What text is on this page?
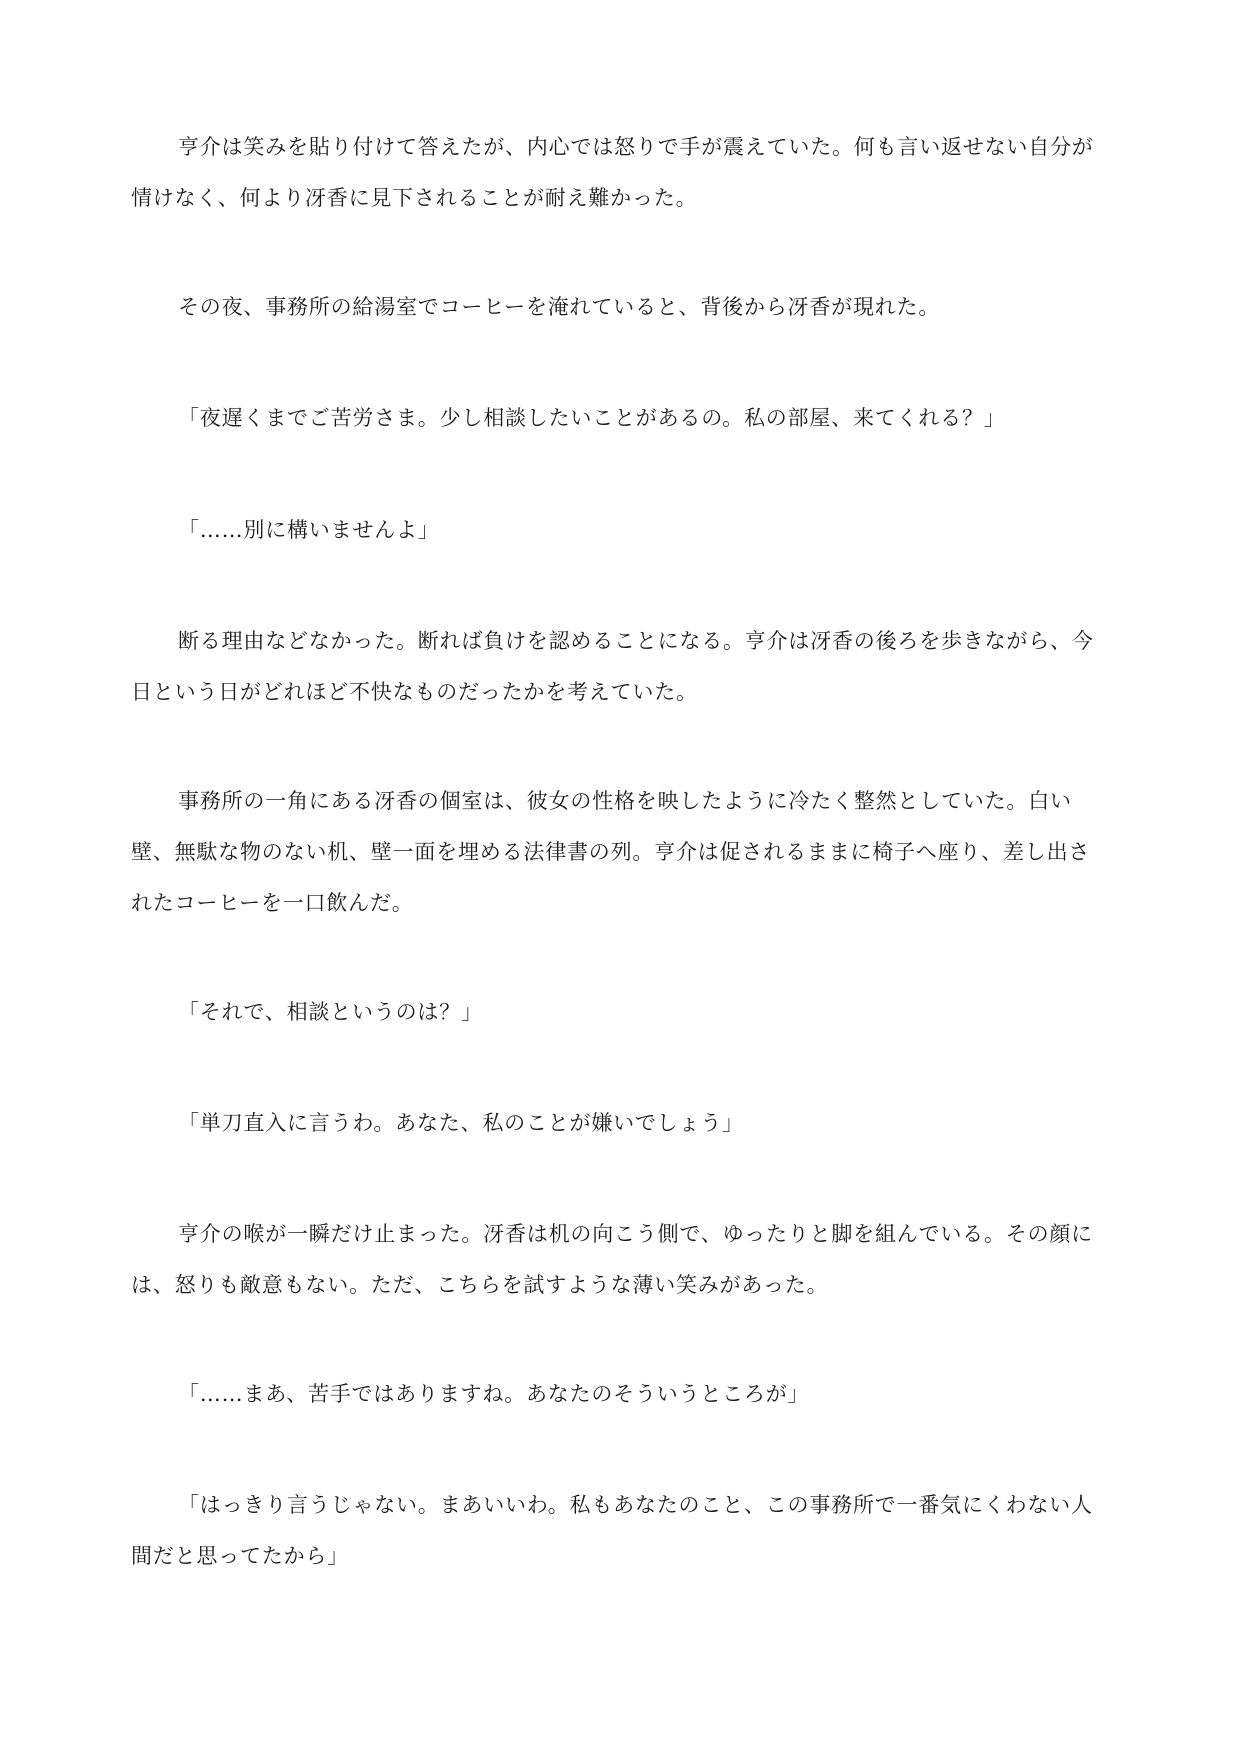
亨介は笑みを貼り付けて答えたが、内心では怒りで手が震えていた。何も言い返せない自分が情けなく、何より冴香に見下されることが耐え難かった。

その夜、事務所の給湯室でコーヒーを淹れていると、背後から冴香が現れた。

「夜遅くまでご苦労さま。少し相談したいことがあるの。私の部屋、来てくれる？」

「……別に構いませんよ」

断る理由などなかった。断れば負けを認めることになる。亨介は冴香の後ろを歩きながら、今日という日がどれほど不快なものだったかを考えていた。

事務所の一角にある冴香の個室は、彼女の性格を映したように冷たく整然としていた。白い壁、無駄な物のない机、壁一面を埋める法律書の列。亨介は促されるままに椅子へ座り、差し出されたコーヒーを一口飲んだ。

「それで、相談というのは？」

「単刀直入に言うわ。あなた、私のことが嫌いでしょう」

亨介の喉が一瞬だけ止まった。冴香は机の向こう側で、ゆったりと脚を組んでいる。その顔には、怒りも敵意もない。ただ、こちらを試すような薄い笑みがあった。

「……まあ、苦手ではありますね。あなたのそういうところが」

「はっきり言うじゃない。まあいいわ。私もあなたのこと、この事務所で一番気にくわない人間だと思ってたから」
